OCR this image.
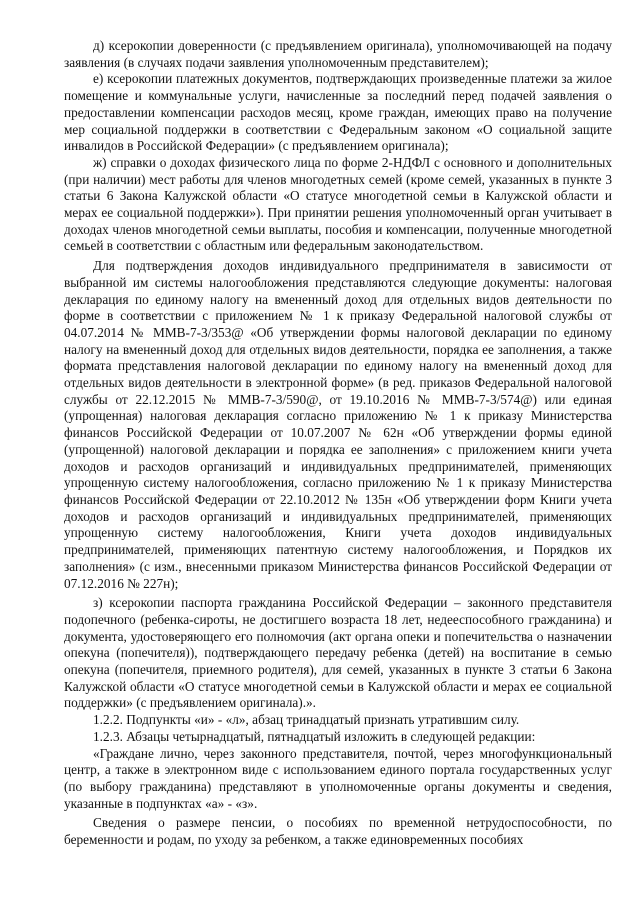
д) ксерокопии доверенности (с предъявлением оригинала), уполномочивающей на подачу заявления (в случаях подачи заявления уполномоченным представителем);

е) ксерокопии платежных документов, подтверждающих произведенные платежи за жилое помещение и коммунальные услуги, начисленные за последний перед подачей заявления о предоставлении компенсации расходов месяц, кроме граждан, имеющих право на получение мер социальной поддержки в соответствии с Федеральным законом «О социальной защите инвалидов в Российской Федерации» (с предъявлением оригинала);

ж) справки о доходах физического лица по форме 2-НДФЛ с основного и дополнительных (при наличии) мест работы для членов многодетных семей (кроме семей, указанных в пункте 3 статьи 6 Закона Калужской области «О статусе многодетной семьи в Калужской области и мерах ее социальной поддержки»). При принятии решения уполномоченный орган учитывает в доходах членов многодетной семьи выплаты, пособия и компенсации, полученные многодетной семьей в соответствии с областным или федеральным законодательством.

Для подтверждения доходов индивидуального предпринимателя в зависимости от выбранной им системы налогообложения представляются следующие документы: налоговая декларация по единому налогу на вмененный доход для отдельных видов деятельности по форме в соответствии с приложением № 1 к приказу Федеральной налоговой службы от 04.07.2014 № ММВ-7-3/353@ «Об утверждении формы налоговой декларации по единому налогу на вмененный доход для отдельных видов деятельности, порядка ее заполнения, а также формата представления налоговой декларации по единому налогу на вмененный доход для отдельных видов деятельности в электронной форме» (в ред. приказов Федеральной налоговой службы от 22.12.2015 № ММВ-7-3/590@, от 19.10.2016 № ММВ-7-3/574@) или единая (упрощенная) налоговая декларация согласно приложению № 1 к приказу Министерства финансов Российской Федерации от 10.07.2007 № 62н «Об утверждении формы единой (упрощенной) налоговой декларации и порядка ее заполнения» с приложением книги учета доходов и расходов организаций и индивидуальных предпринимателей, применяющих упрощенную систему налогообложения, согласно приложению № 1 к приказу Министерства финансов Российской Федерации от 22.10.2012 № 135н «Об утверждении форм Книги учета доходов и расходов организаций и индивидуальных предпринимателей, применяющих упрощенную систему налогообложения, Книги учета доходов индивидуальных предпринимателей, применяющих патентную систему налогообложения, и Порядков их заполнения» (с изм., внесенными приказом Министерства финансов Российской Федерации от 07.12.2016 № 227н);

з) ксерокопии паспорта гражданина Российской Федерации – законного представителя подопечного (ребенка-сироты, не достигшего возраста 18 лет, недееспособного гражданина) и документа, удостоверяющего его полномочия (акт органа опеки и попечительства о назначении опекуна (попечителя)), подтверждающего передачу ребенка (детей) на воспитание в семью опекуна (попечителя, приемного родителя), для семей, указанных в пункте 3 статьи 6 Закона Калужской области «О статусе многодетной семьи в Калужской области и мерах ее социальной поддержки» (с предъявлением оригинала).».

1.2.2. Подпункты «и» - «л», абзац тринадцатый признать утратившим силу.

1.2.3. Абзацы четырнадцатый, пятнадцатый изложить в следующей редакции:

«Граждане лично, через законного представителя, почтой, через многофункциональный центр, а также в электронном виде с использованием единого портала государственных услуг (по выбору гражданина) представляют в уполномоченные органы документы и сведения, указанные в подпунктах «а» - «з».

Сведения о размере пенсии, о пособиях по временной нетрудоспособности, по беременности и родам, по уходу за ребенком, а также единовременных пособиях
